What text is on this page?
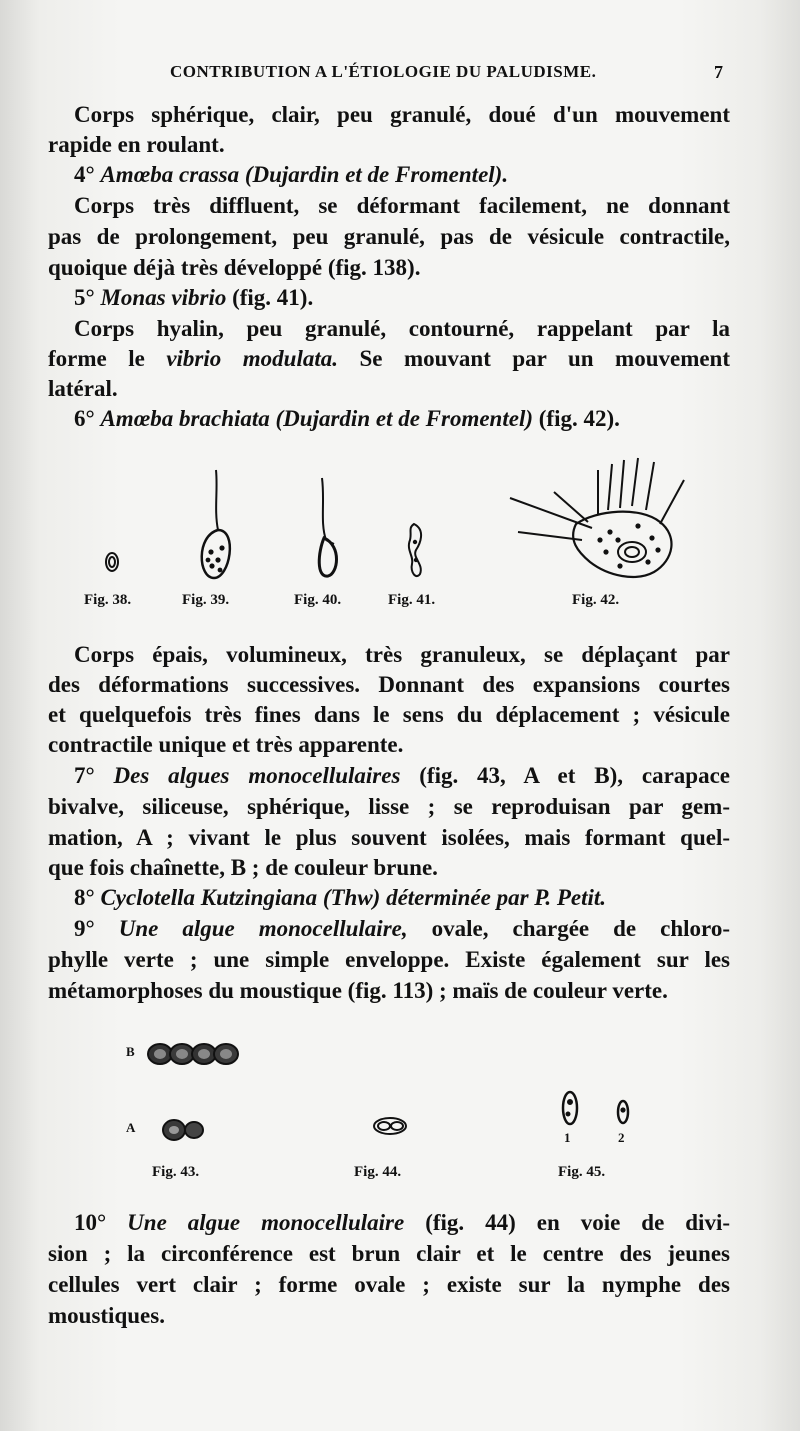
CONTRIBUTION A L'ÉTIOLOGIE DU PALUDISME.	7
Corps sphérique, clair, peu granulé, doué d'un mouvement
rapide en roulant.
4° Amœba crassa (Dujardin et de Fromentel).
Corps très diffluent, se déformant facilement, ne donnant
pas de prolongement, peu granulé, pas de vésicule contractile,
quoique déjà très développé (fig. 138).
5° Monas vibrio (fig. 41).
Corps hyalin, peu granulé, contourné, rappelant par la
forme le vibrio modulata. Se mouvant par un mouvement
latéral.
6° Amœba brachiata (Dujardin et de Fromentel) (fig. 42).
Fig. 38.	Fig. 39.	Fig. 40.	Fig. 41.	Fig. 42.
Corps épais, volumineux, très granuleux, se déplaçant par
des déformations successives. Donnant des expansions courtes
et quelquefois très fines dans le sens du déplacement ; vésicule
contractile unique et très apparente.
7° Des algues monocellulaires (fig. 43, A et B), carapace
bivalve, siliceuse, sphérique, lisse ; se reproduisan par gem-
mation, A ; vivant le plus souvent isolées, mais formant quel-
que fois chaînette, B ; de couleur brune.
8° Cyclotella Kutzingiana (Thw) déterminée par P. Petit.
9° Une algue monocellulaire, ovale, chargée de chloro-
phylle verte ; une simple enveloppe. Existe également sur les
métamorphoses du moustique (fig. 113) ; maïs de couleur verte.
B
A
1	2
Fig. 43.	Fig. 44.	Fig. 45.
10° Une algue monocellulaire (fig. 44) en voie de divi-
sion ; la circonférence est brun clair et le centre des jeunes
cellules vert clair ; forme ovale ; existe sur la nymphe des
moustiques.
